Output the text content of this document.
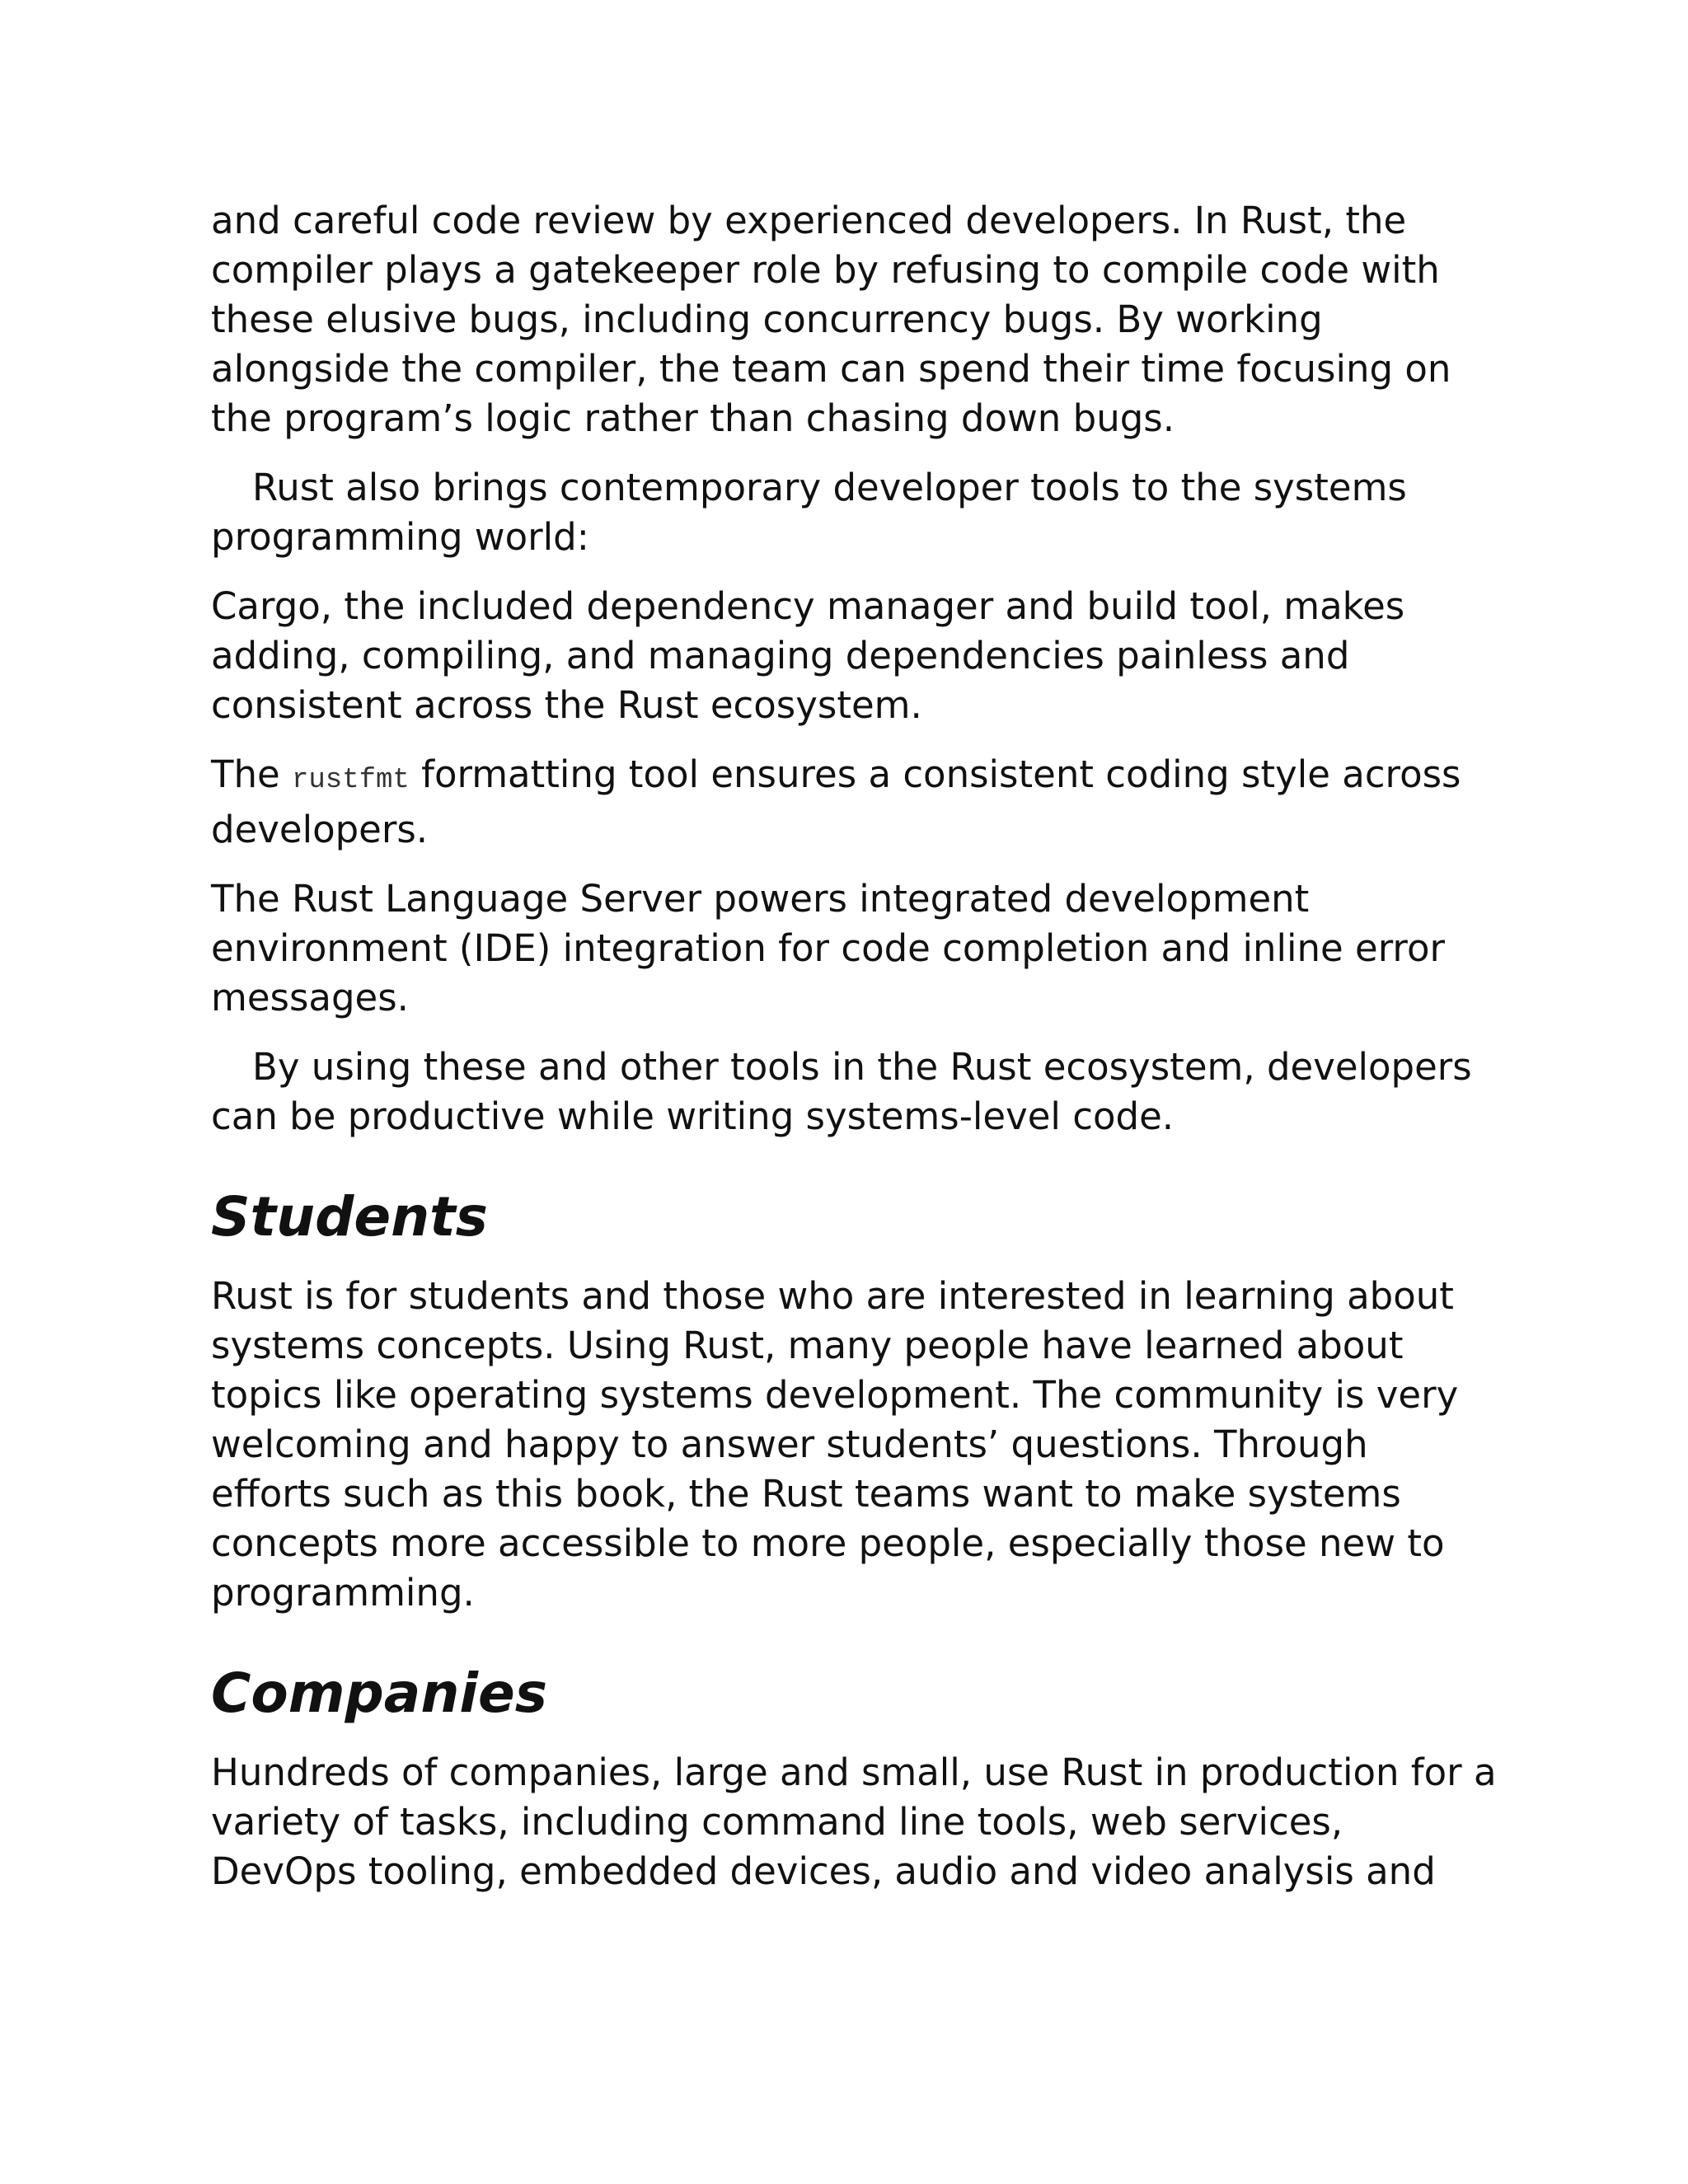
and careful code review by experienced developers. In Rust, the compiler plays a gatekeeper role by refusing to compile code with these elusive bugs, including concurrency bugs. By working alongside the compiler, the team can spend their time focusing on the program’s logic rather than chasing down bugs.

Rust also brings contemporary developer tools to the systems programming world:

Cargo, the included dependency manager and build tool, makes adding, compiling, and managing dependencies painless and consistent across the Rust ecosystem.

The rustfmt formatting tool ensures a consistent coding style across developers.

The Rust Language Server powers integrated development environment (IDE) integration for code completion and inline error messages.

By using these and other tools in the Rust ecosystem, developers can be productive while writing systems-level code.

Students

Rust is for students and those who are interested in learning about systems concepts. Using Rust, many people have learned about topics like operating systems development. The community is very welcoming and happy to answer students’ questions. Through efforts such as this book, the Rust teams want to make systems concepts more accessible to more people, especially those new to programming.

Companies

Hundreds of companies, large and small, use Rust in production for a variety of tasks, including command line tools, web services, DevOps tooling, embedded devices, audio and video analysis and
